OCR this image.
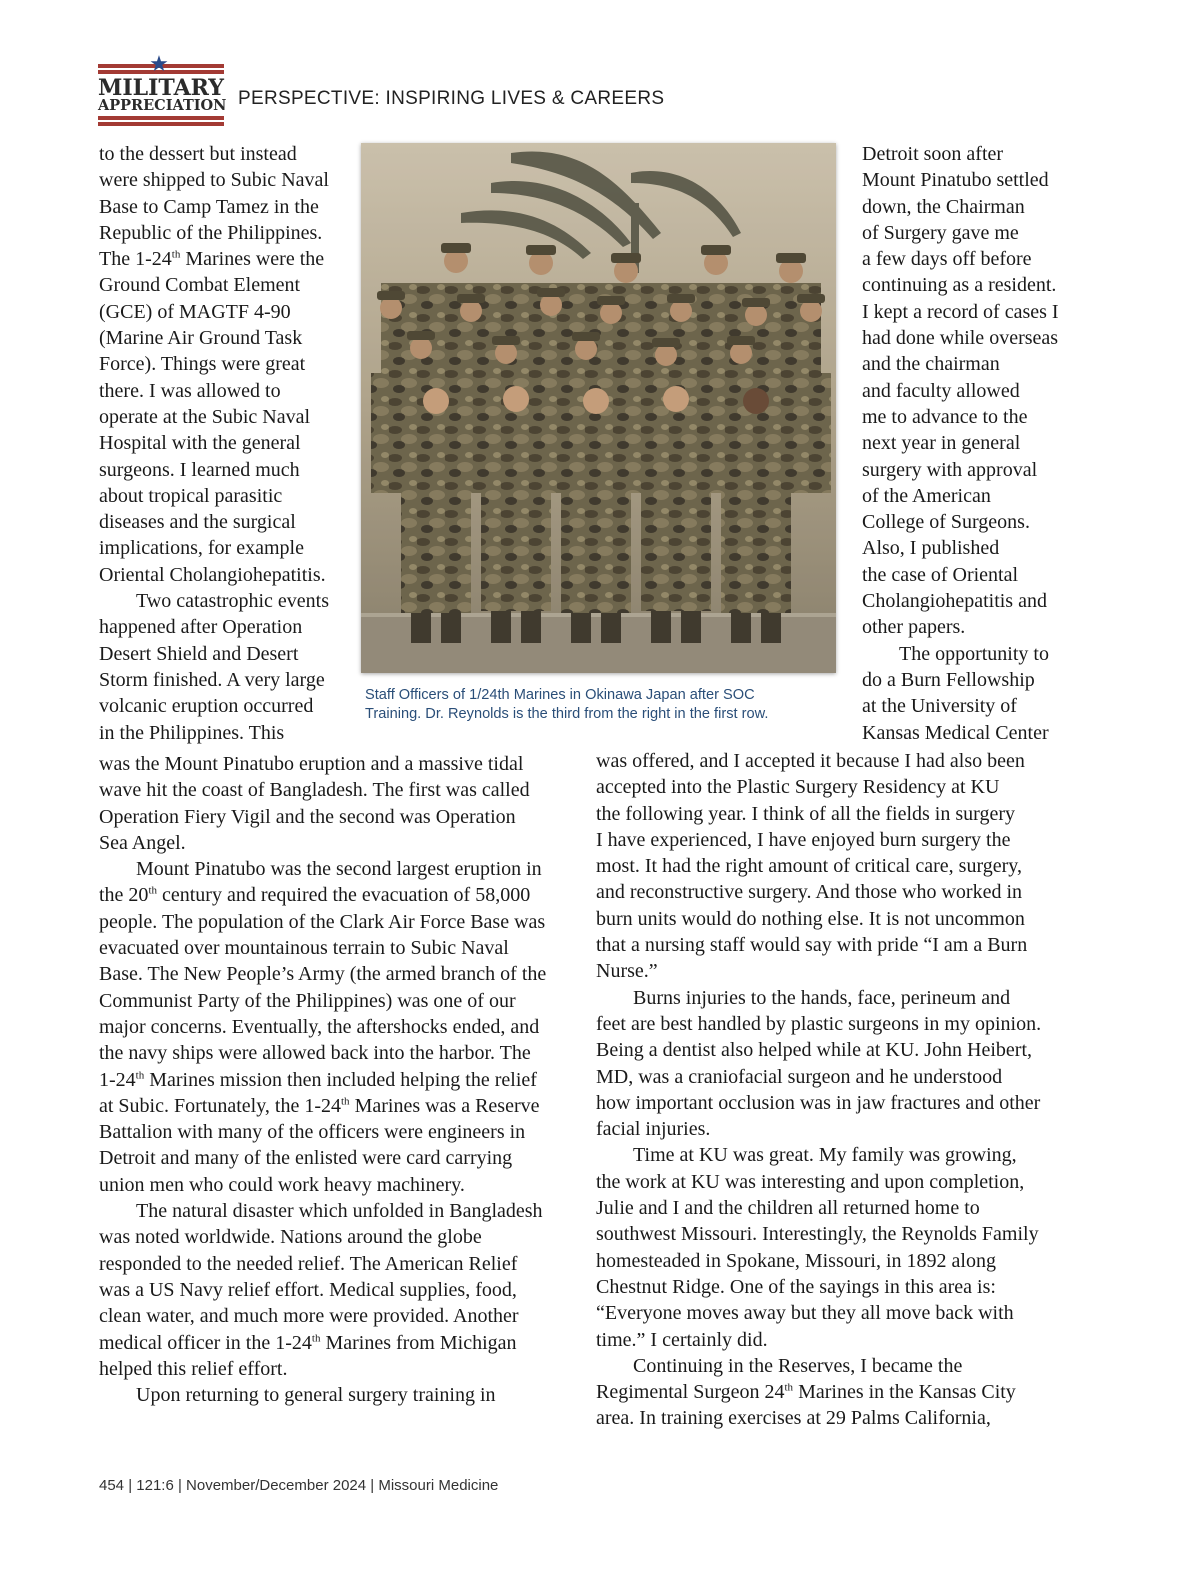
★
MILITARY
APPRECIATION PERSPECTIVE: INSPIRING LIVES & CAREERS

to the dessert but instead

were shipped to Subic Naval

Base to Camp Tamez in the

Republic of the Philippines.

The 1-24th Marines were the

Ground Combat Element

(GCE) of MAGTF 4-90

(Marine Air Ground Task

Force). Things were great

there. I was allowed to

operate at the Subic Naval

Hospital with the general

surgeons. I learned much

about tropical parasitic

diseases and the surgical

implications, for example

Oriental Cholangiohepatitis.

Two catastrophic events

happened after Operation

Desert Shield and Desert

Storm finished. A very large

volcanic eruption occurred

in the Philippines. This

Staff Officers of 1/24th Marines in Okinawa Japan after SOC
Training. Dr. Reynolds is the third from the right in the first row.

was the Mount Pinatubo eruption and a massive tidal

wave hit the coast of Bangladesh. The first was called

Operation Fiery Vigil and the second was Operation

Sea Angel.

Mount Pinatubo was the second largest eruption in

the 20th century and required the evacuation of 58,000

people. The population of the Clark Air Force Base was

evacuated over mountainous terrain to Subic Naval

Base. The New People’s Army (the armed branch of the

Communist Party of the Philippines) was one of our

major concerns. Eventually, the aftershocks ended, and

the navy ships were allowed back into the harbor. The

1-24th Marines mission then included helping the relief

at Subic. Fortunately, the 1-24th Marines was a Reserve

Battalion with many of the officers were engineers in

Detroit and many of the enlisted were card carrying

union men who could work heavy machinery.

The natural disaster which unfolded in Bangladesh

was noted worldwide. Nations around the globe

responded to the needed relief. The American Relief

was a US Navy relief effort. Medical supplies, food,

clean water, and much more were provided. Another

medical officer in the 1-24th Marines from Michigan

helped this relief effort.

Upon returning to general surgery training in

Detroit soon after

Mount Pinatubo settled

down, the Chairman

of Surgery gave me

a few days off before

continuing as a resident.

I kept a record of cases I

had done while overseas

and the chairman

and faculty allowed

me to advance to the

next year in general

surgery with approval

of the American

College of Surgeons.

Also, I published

the case of Oriental

Cholangiohepatitis and

other papers.

The opportunity to

do a Burn Fellowship

at the University of

Kansas Medical Center

was offered, and I accepted it because I had also been

accepted into the Plastic Surgery Residency at KU

the following year. I think of all the fields in surgery

I have experienced, I have enjoyed burn surgery the

most. It had the right amount of critical care, surgery,

and reconstructive surgery. And those who worked in

burn units would do nothing else. It is not uncommon

that a nursing staff would say with pride “I am a Burn

Nurse.”

Burns injuries to the hands, face, perineum and

feet are best handled by plastic surgeons in my opinion.

Being a dentist also helped while at KU. John Heibert,

MD, was a craniofacial surgeon and he understood

how important occlusion was in jaw fractures and other

facial injuries.

Time at KU was great. My family was growing,

the work at KU was interesting and upon completion,

Julie and I and the children all returned home to

southwest Missouri. Interestingly, the Reynolds Family

homesteaded in Spokane, Missouri, in 1892 along

Chestnut Ridge. One of the sayings in this area is:

“Everyone moves away but they all move back with

time.” I certainly did.

Continuing in the Reserves, I became the

Regimental Surgeon 24th Marines in the Kansas City

area. In training exercises at 29 Palms California,

454 | 121:6 | November/December 2024 | Missouri Medicine
